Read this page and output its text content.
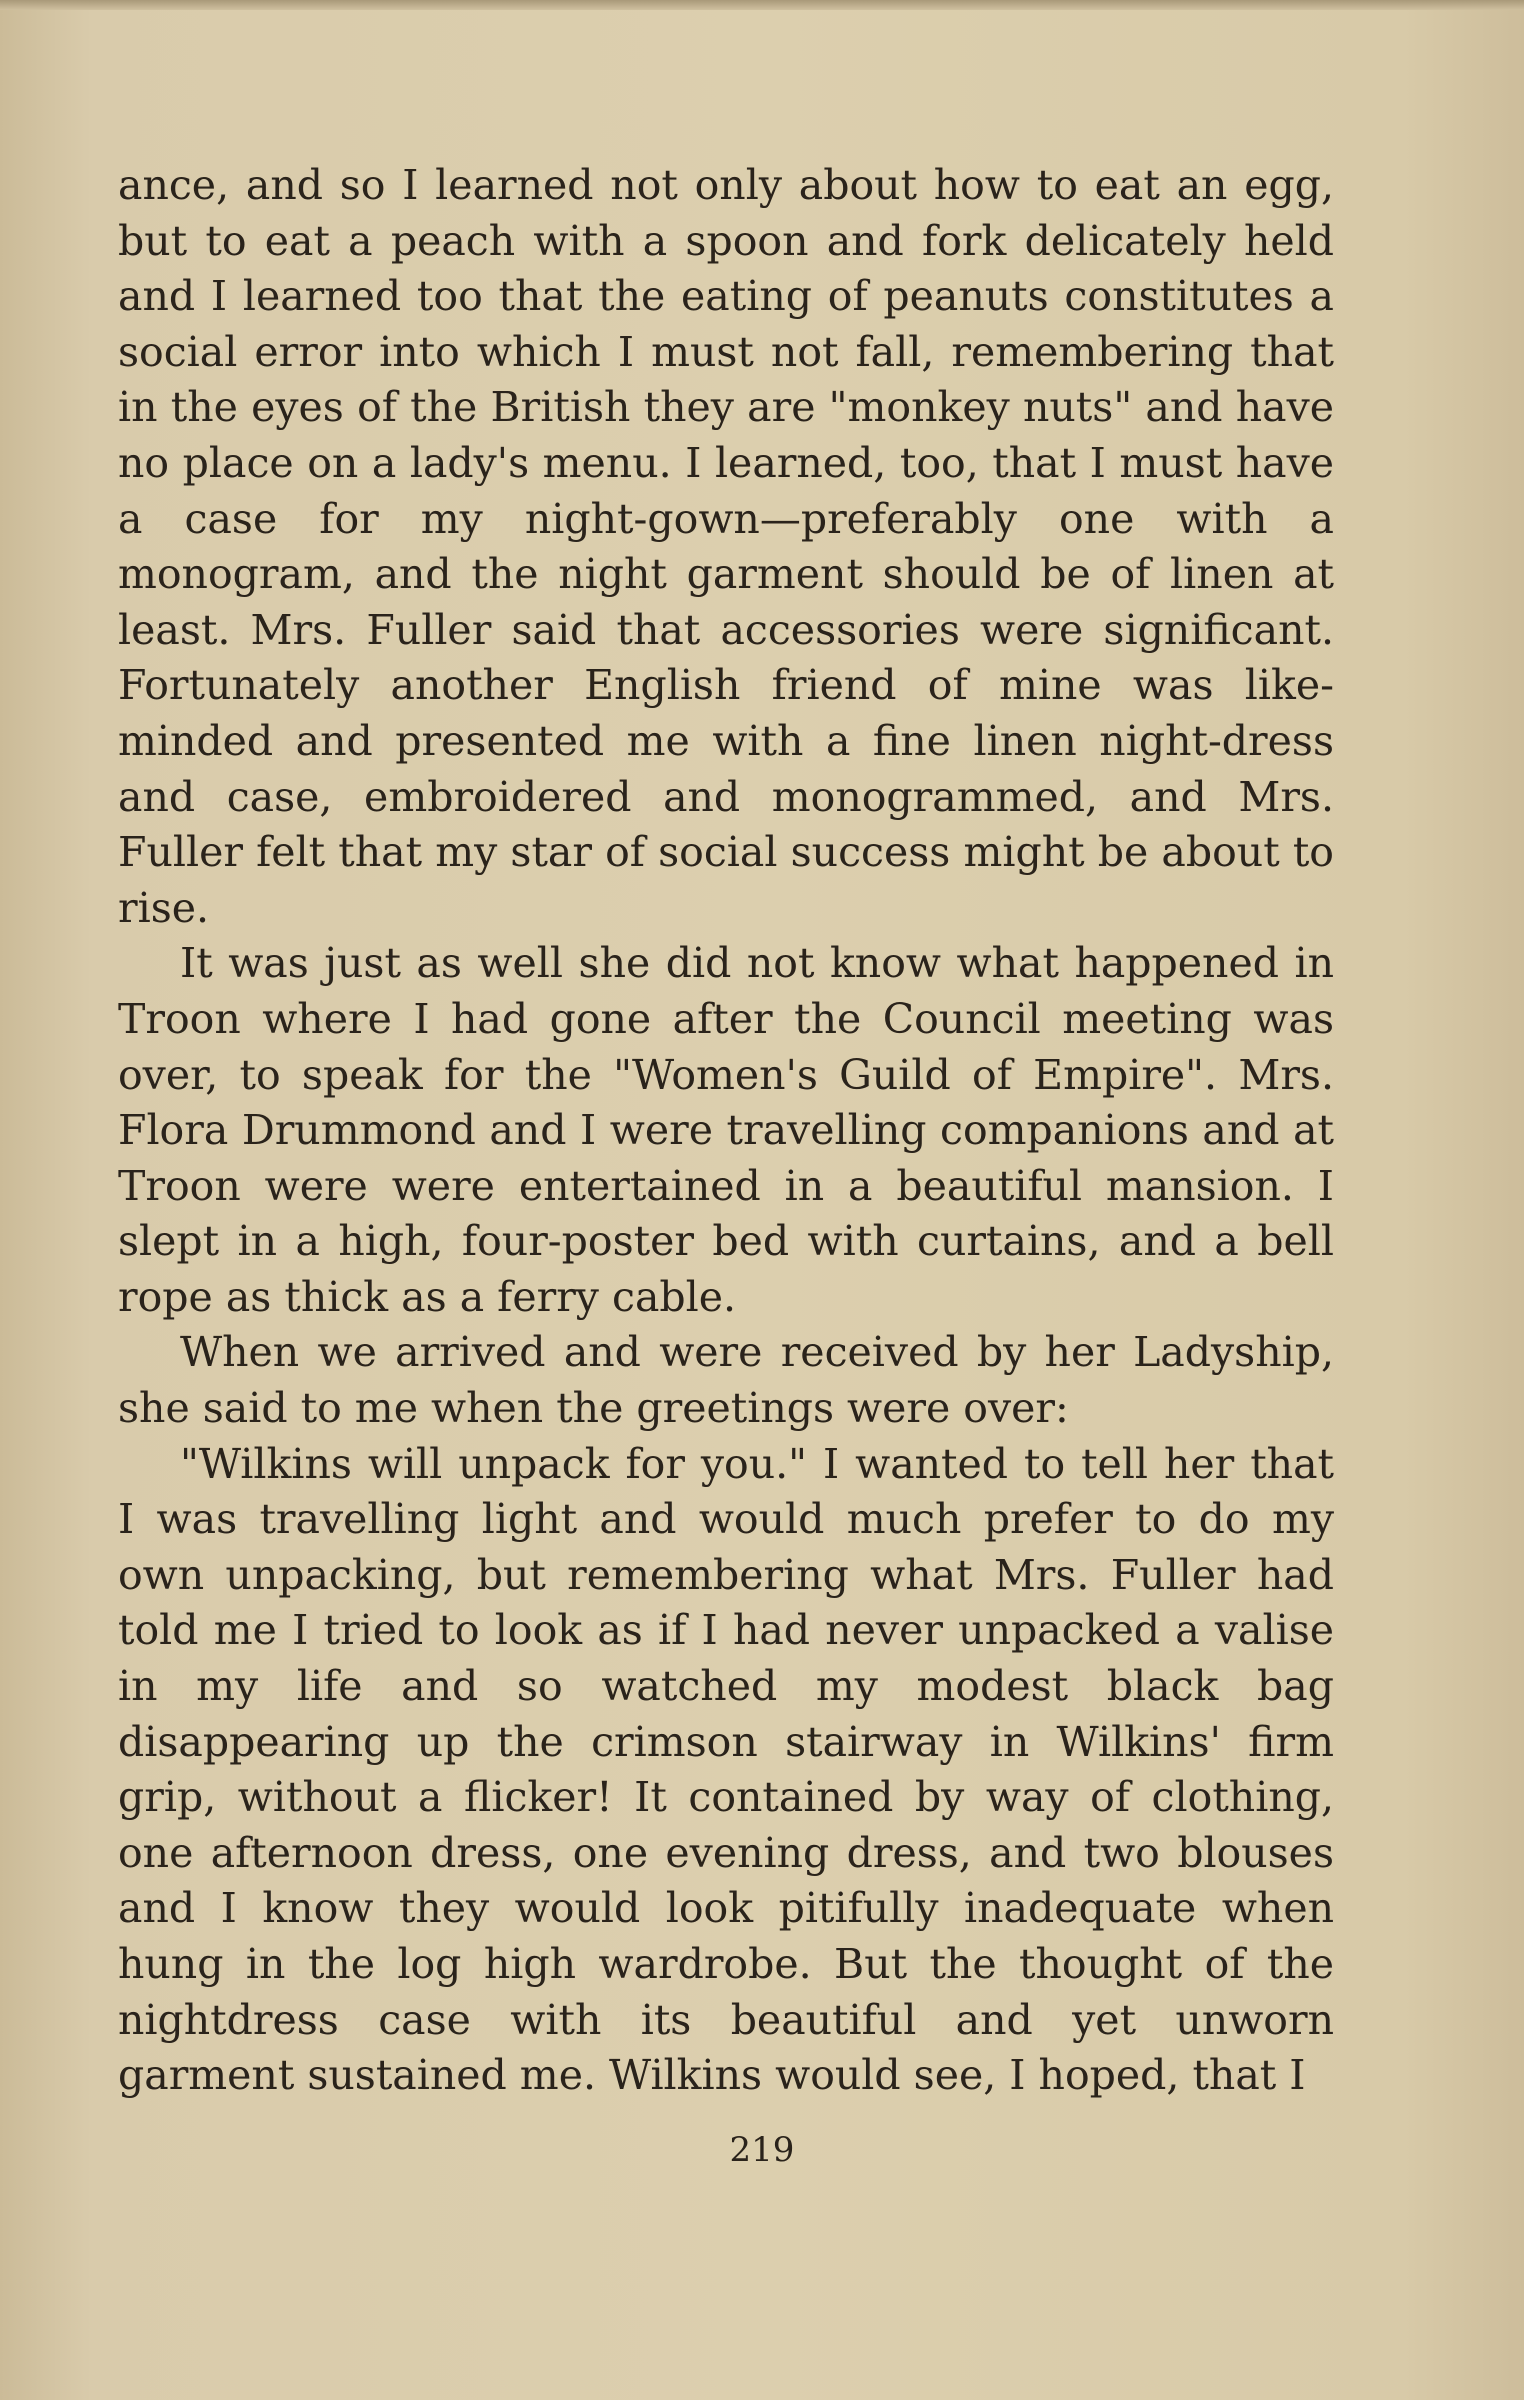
ance, and so I learned not only about how to eat an egg, but to eat a peach with a spoon and fork delicately held and I learned too that the eating of peanuts constitutes a social error into which I must not fall, remembering that in the eyes of the British they are "monkey nuts" and have no place on a lady's menu. I learned, too, that I must have a case for my night-gown—preferably one with a monogram, and the night garment should be of linen at least. Mrs. Fuller said that accessories were significant. Fortunately another English friend of mine was like-minded and presented me with a fine linen night-dress and case, embroidered and monogrammed, and Mrs. Fuller felt that my star of social success might be about to rise.

It was just as well she did not know what happened in Troon where I had gone after the Council meeting was over, to speak for the "Women's Guild of Empire". Mrs. Flora Drummond and I were travelling companions and at Troon were were entertained in a beautiful mansion. I slept in a high, four-poster bed with curtains, and a bell rope as thick as a ferry cable.

When we arrived and were received by her Ladyship, she said to me when the greetings were over:

"Wilkins will unpack for you." I wanted to tell her that I was travelling light and would much prefer to do my own unpacking, but remembering what Mrs. Fuller had told me I tried to look as if I had never unpacked a valise in my life and so watched my modest black bag disappearing up the crimson stairway in Wilkins' firm grip, without a flicker! It contained by way of clothing, one afternoon dress, one evening dress, and two blouses and I know they would look pitifully inadequate when hung in the log high wardrobe. But the thought of the nightdress case with its beautiful and yet unworn garment sustained me. Wilkins would see, I hoped, that I

219
